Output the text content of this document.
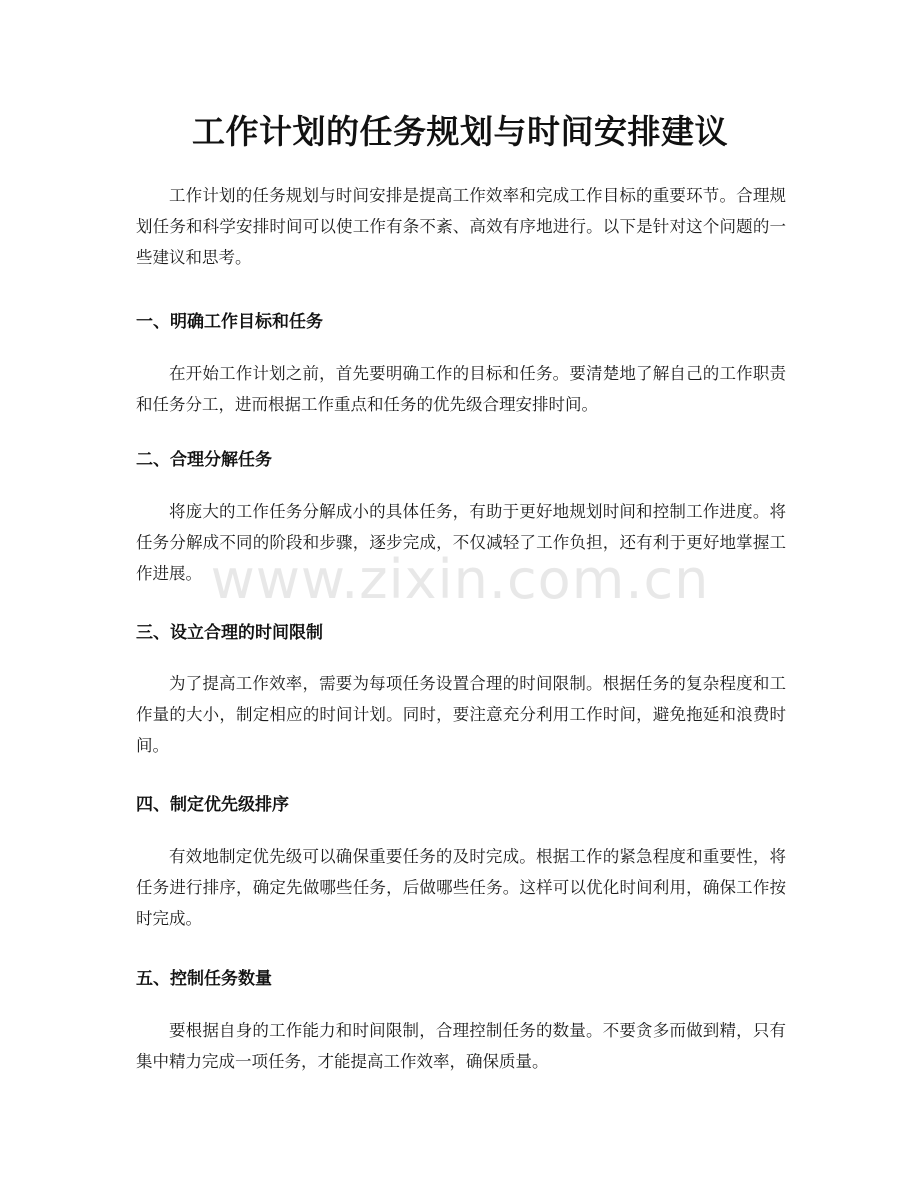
工作计划的任务规划与时间安排建议

工作计划的任务规划与时间安排是提高工作效率和完成工作目标的重要环节。合理规划任务和科学安排时间可以使工作有条不紊、高效有序地进行。以下是针对这个问题的一些建议和思考。

一、明确工作目标和任务

在开始工作计划之前，首先要明确工作的目标和任务。要清楚地了解自己的工作职责和任务分工，进而根据工作重点和任务的优先级合理安排时间。

二、合理分解任务

将庞大的工作任务分解成小的具体任务，有助于更好地规划时间和控制工作进度。将任务分解成不同的阶段和步骤，逐步完成，不仅减轻了工作负担，还有利于更好地掌握工作进展。

三、设立合理的时间限制

为了提高工作效率，需要为每项任务设置合理的时间限制。根据任务的复杂程度和工作量的大小，制定相应的时间计划。同时，要注意充分利用工作时间，避免拖延和浪费时间。

四、制定优先级排序

有效地制定优先级可以确保重要任务的及时完成。根据工作的紧急程度和重要性，将任务进行排序，确定先做哪些任务，后做哪些任务。这样可以优化时间利用，确保工作按时完成。

五、控制任务数量

要根据自身的工作能力和时间限制，合理控制任务的数量。不要贪多而做到精，只有集中精力完成一项任务，才能提高工作效率，确保质量。

www.zixin.com.cn
